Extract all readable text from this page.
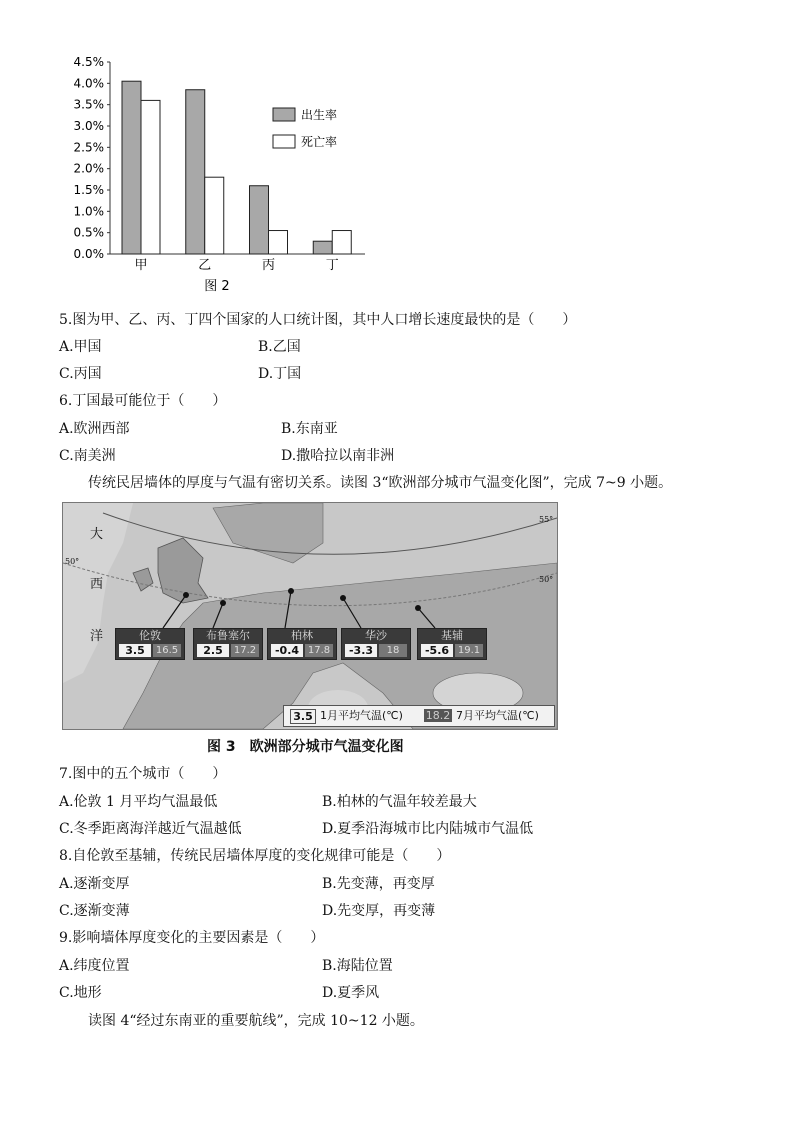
0.0%
0.5%
1.0%
1.5%
2.0%
2.5%
3.0%
3.5%
4.0%
4.5%
甲	乙	丙	丁
出生率
死亡率
图 2
5.图为甲、乙、丙、丁四个国家的人口统计图，其中人口增长速度最快的是（　　）
A.甲国	B.乙国
C.丙国	D.丁国
6.丁国最可能位于（　　）
A.欧洲西部	B.东南亚
C.南美洲	D.撒哈拉以南非洲
传统民居墙体的厚度与气温有密切关系。读图 3“欧洲部分城市气温变化图”，完成 7~9 小题。
大
西
洋
55°
50°
50°
伦敦
3.5	16.5
布鲁塞尔
2.5	17.2
柏林
-0.4 17.8
华沙
-3.3	18
基辅
-5.6 19.1
3.5 1月平均气温(℃) 18.2 7月平均气温(℃)
图 3　欧洲部分城市气温变化图
7.图中的五个城市（　　）
A.伦敦 1 月平均气温最低	B.柏林的气温年较差最大
C.冬季距离海洋越近气温越低	D.夏季沿海城市比内陆城市气温低
8.自伦敦至基辅，传统民居墙体厚度的变化规律可能是（　　）
A.逐渐变厚	B.先变薄，再变厚
C.逐渐变薄	D.先变厚，再变薄
9.影响墙体厚度变化的主要因素是（　　）
A.纬度位置	B.海陆位置
C.地形	D.夏季风
读图 4“经过东南亚的重要航线”，完成 10~12 小题。
